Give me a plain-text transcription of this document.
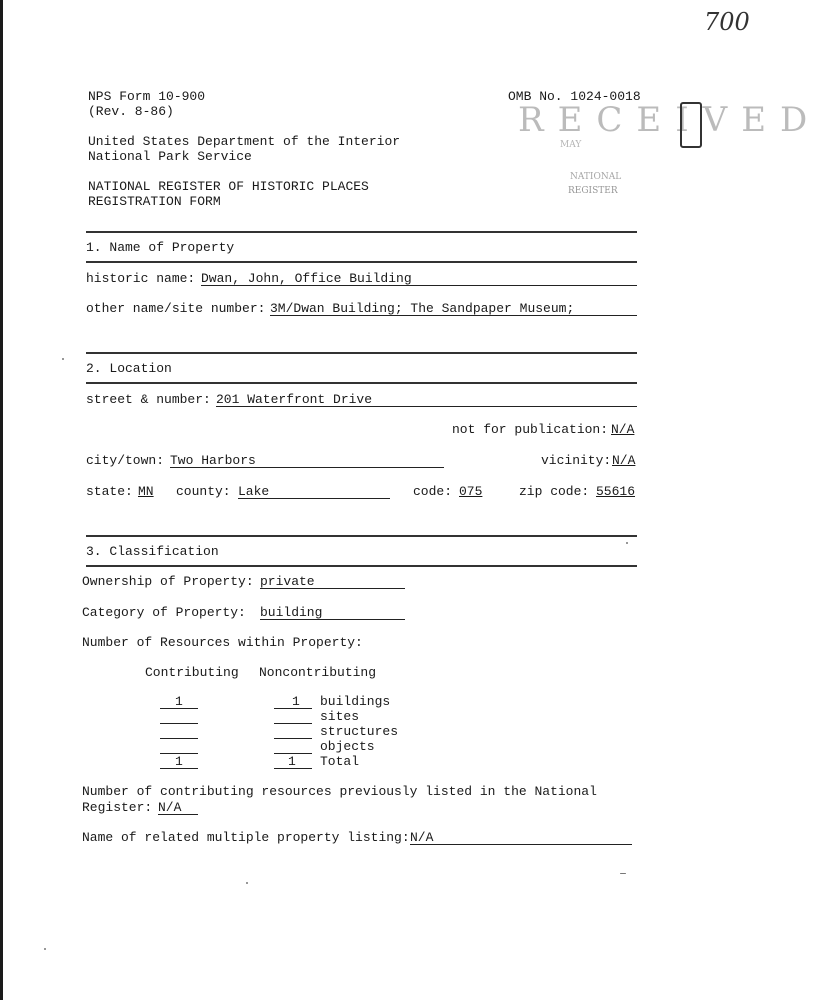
700
NPS Form 10-900
(Rev. 8-86)
OMB No. 1024-0018
United States Department of the Interior
National Park Service
NATIONAL REGISTER OF HISTORIC PLACES
REGISTRATION FORM
RECEIVED
MAY
NATIONAL
REGISTER
1. Name of Property
historic name: Dwan, John, Office Building
other name/site number: 3M/Dwan Building; The Sandpaper Museum;
2. Location
street & number: 201 Waterfront Drive
not for publication: N/A
city/town: Two Harbors	vicinity: N/A
state: MN county: Lake	code: 075	zip code: 55616
3. Classification
Ownership of Property: private
Category of Property: building
Number of Resources within Property:
Contributing Noncontributing
1	1 buildings
sites
structures
objects
1	1 Total
Number of contributing resources previously listed in the National
Register: N/A
Name of related multiple property listing: N/A
